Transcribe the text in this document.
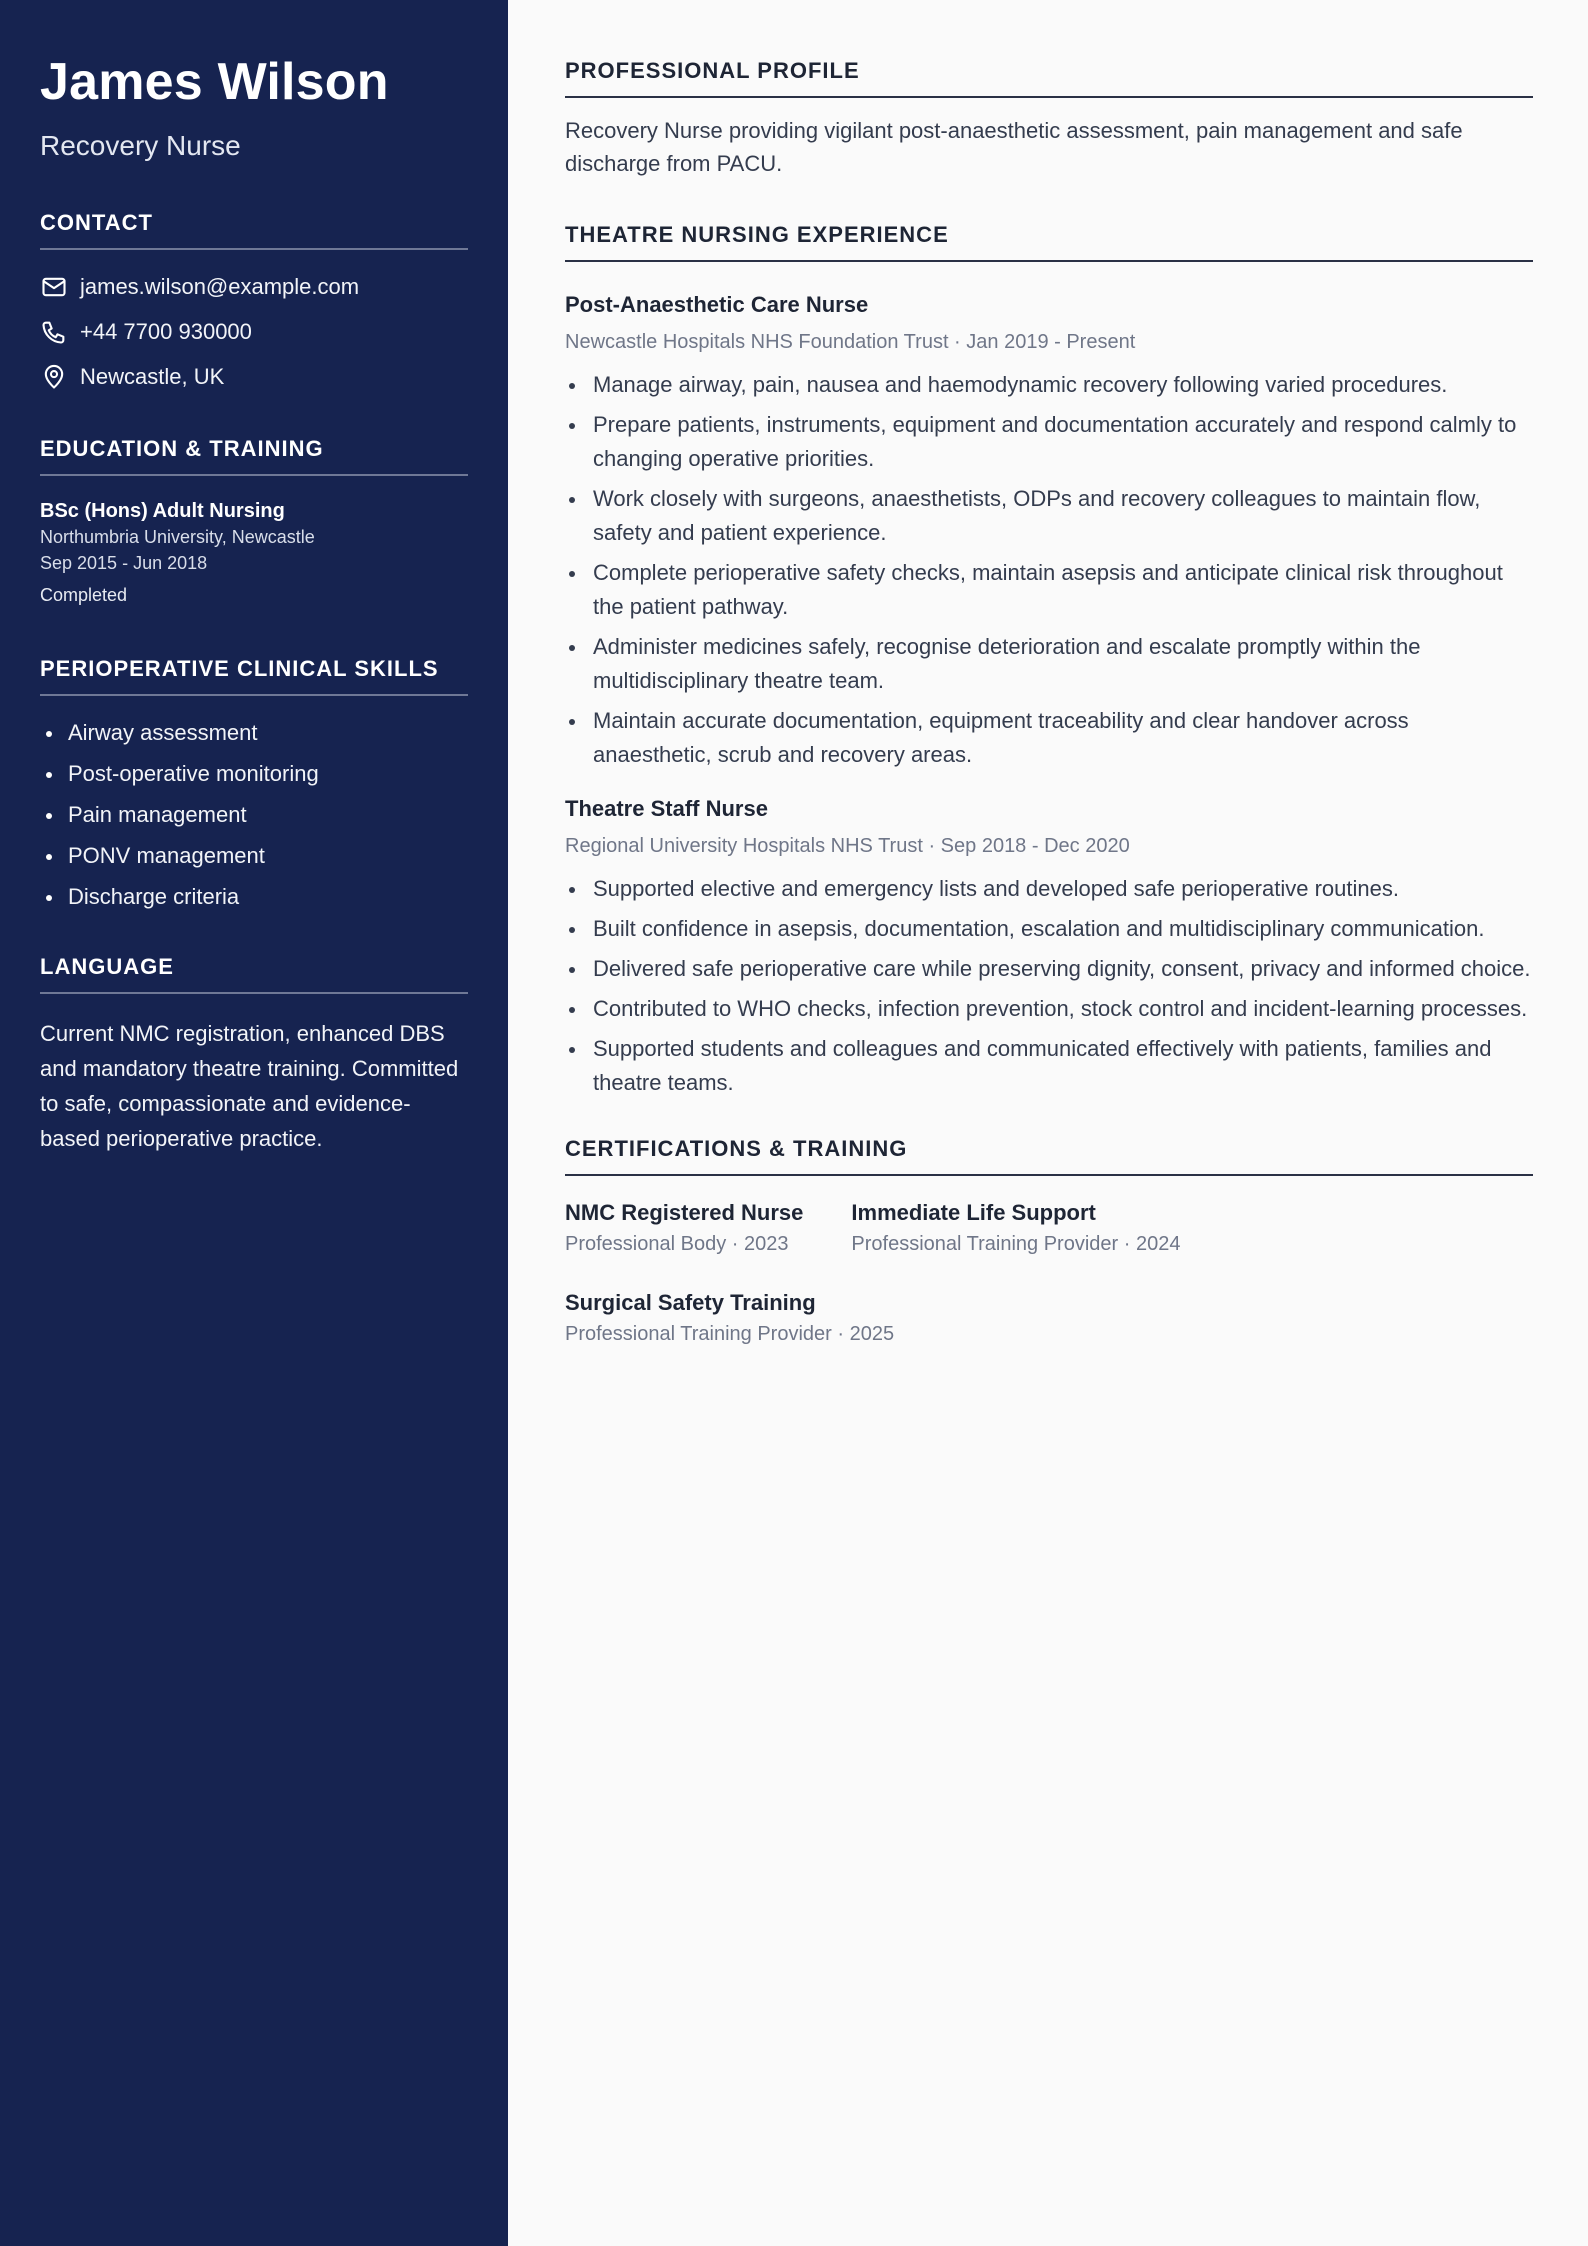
James Wilson
Recovery Nurse
CONTACT
james.wilson@example.com
+44 7700 930000
Newcastle, UK
EDUCATION & TRAINING
BSc (Hons) Adult Nursing
Northumbria University, Newcastle
Sep 2015 - Jun 2018
Completed
PERIOPERATIVE CLINICAL SKILLS
Airway assessment
Post-operative monitoring
Pain management
PONV management
Discharge criteria
LANGUAGE

Current NMC registration, enhanced DBS and mandatory theatre training. Committed to safe, compassionate and evidence-based perioperative practice.

PROFESSIONAL PROFILE

Recovery Nurse providing vigilant post-anaesthetic assessment, pain management and safe discharge from PACU.

THEATRE NURSING EXPERIENCE
Post-Anaesthetic Care Nurse
Newcastle Hospitals NHS Foundation Trust · Jan 2019 - Present
Manage airway, pain, nausea and haemodynamic recovery following varied procedures.
Prepare patients, instruments, equipment and documentation accurately and respond calmly to changing operative priorities.
Work closely with surgeons, anaesthetists, ODPs and recovery colleagues to maintain flow, safety and patient experience.
Complete perioperative safety checks, maintain asepsis and anticipate clinical risk throughout the patient pathway.
Administer medicines safely, recognise deterioration and escalate promptly within the multidisciplinary theatre team.
Maintain accurate documentation, equipment traceability and clear handover across anaesthetic, scrub and recovery areas.
Theatre Staff Nurse
Regional University Hospitals NHS Trust · Sep 2018 - Dec 2020
Supported elective and emergency lists and developed safe perioperative routines.
Built confidence in asepsis, documentation, escalation and multidisciplinary communication.
Delivered safe perioperative care while preserving dignity, consent, privacy and informed choice.
Contributed to WHO checks, infection prevention, stock control and incident-learning processes.
Supported students and colleagues and communicated effectively with patients, families and theatre teams.
CERTIFICATIONS & TRAINING
NMC Registered Nurse
Professional Body · 2023
Immediate Life Support
Professional Training Provider · 2024
Surgical Safety Training
Professional Training Provider · 2025
